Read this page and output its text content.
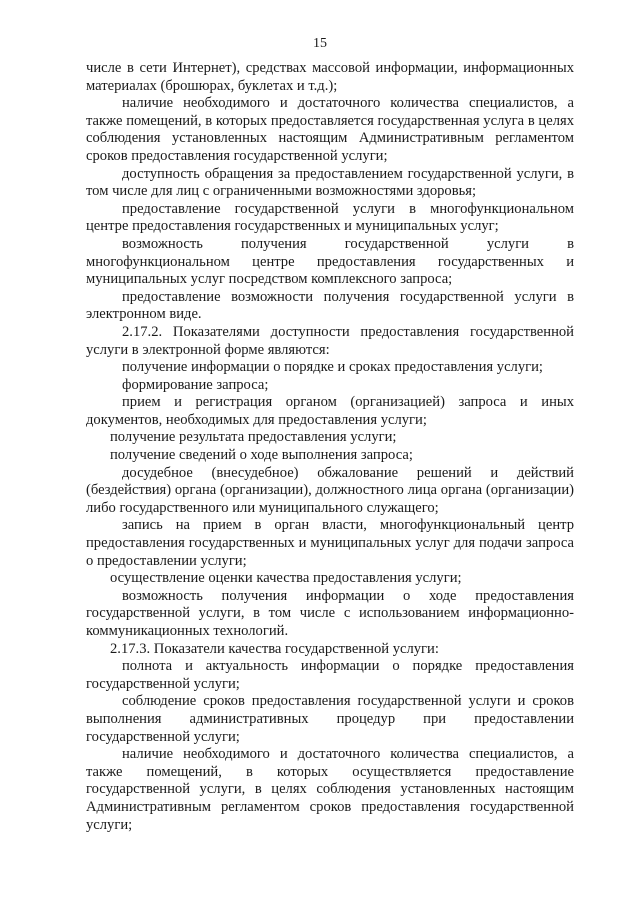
15

числе в сети Интернет), средствах массовой информации, информационных материалах (брошюрах, буклетах и т.д.);

наличие необходимого и достаточного количества специалистов, а также помещений, в которых предоставляется государственная услуга в целях соблюдения установленных настоящим Административным регламентом сроков предоставления государственной услуги;

доступность обращения за предоставлением государственной услуги, в том числе для лиц с ограниченными возможностями здоровья;

предоставление государственной услуги в многофункциональном центре предоставления государственных и муниципальных услуг;

возможность получения государственной услуги в многофункциональном центре предоставления государственных и муниципальных услуг посредством комплексного запроса;

предоставление возможности получения государственной услуги в электронном виде.

2.17.2. Показателями доступности предоставления государственной услуги в электронной форме являются:

получение информации о порядке и сроках предоставления услуги;

формирование запроса;

прием и регистрация органом (организацией) запроса и иных документов, необходимых для предоставления услуги;

получение результата предоставления услуги;

получение сведений о ходе выполнения запроса;

досудебное (внесудебное) обжалование решений и действий (бездействия) органа (организации), должностного лица органа (организации) либо государственного или муниципального служащего;

запись на прием в орган власти, многофункциональный центр предоставления государственных и муниципальных услуг для подачи запроса о предоставлении услуги;

осуществление оценки качества предоставления услуги;

возможность получения информации о ходе предоставления государственной услуги, в том числе с использованием информационно-коммуникационных технологий.

2.17.3. Показатели качества государственной услуги:

полнота и актуальность информации о порядке предоставления государственной услуги;

соблюдение сроков предоставления государственной услуги и сроков выполнения административных процедур при предоставлении государственной услуги;

наличие необходимого и достаточного количества специалистов, а также помещений, в которых осуществляется предоставление государственной услуги, в целях соблюдения установленных настоящим Административным регламентом сроков предоставления государственной услуги;
